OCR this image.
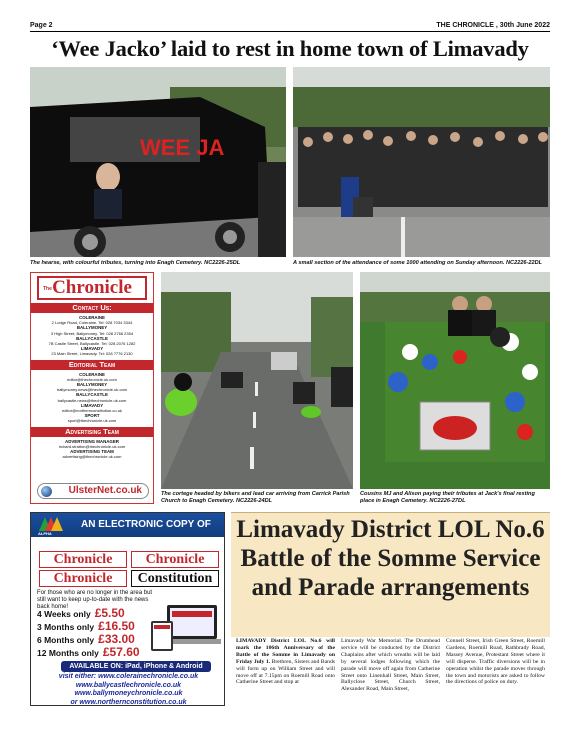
Page 2	THE CHRONICLE , 30th June 2022
‘Wee Jacko’ laid to rest in home town of Limavady
WEE JA
The hearse, with colourful tributes, turning into Enagh Cemetery. NC2226-25DL	A small section of the attendance of some 1000 attending on Sunday afternoon. NC2226-22DL
The Chronicle
Contact Us:
COLERAINE
2 Lodge Road, Coleraine. Tel: 028 7034 3344
BALLYMONEY
3 High Street, Ballymoney. Tel: 028 2766 2354
BALLYCASTLE
7B Castle Street, Ballycastle. Tel: 028 2076 1282
LIMAVADY
23 Main Street, Limavady. Tel: 028 7776 2130
Editorial Team
COLERAINE
editor@thechronicle.uk.com
BALLYMONEY
ballymoney.news@thechronicle.uk.com
BALLYCASTLE
ballycastle.news@thechronicle.uk.com
LIMAVADY
editor@northernconstitution.co.uk
SPORT
sport@thechronicle.uk.com
Advertising Team
ADVERTISING MANAGER
richard.stratton@thechronicle.uk.com
ADVERTISING TEAM
advertising@thechronicle.uk.com
UlsterNet.co.uk	The cortege headed by bikers and lead car arriving from Carrick Parish Church to Enagh Cemetery. NC2226-24DL
Cousins MJ and Alison paying their tributes at Jack's final resting place in Enagh Cemetery. NC2226-27DL
AN ELECTRONIC COPY OF
ALPHA
Chronicle	Chronicle
Chronicle	Constitution
For those who are no longer in the area but still want to keep up-to-date with the news back home!
4 Weeks only £5.50
3 Months only £16.50
6 Months only £33.00
12 Months only £57.60
AVAILABLE ON: iPad, iPhone & Android
visit either: www.colerainechronicle.co.uk
www.ballycastlechronicle.co.uk
www.ballymoneychronicle.co.uk
or www.northernconstitution.co.uk
Limavady District LOL No.6 Battle of the Somme Service and Parade arrangements
LIMAVADY District LOL No.6 will mark the 106th Anniversary of the Battle of the Somme in Limavady on Friday July 1. Brethren, Sisters and Bands will form up on William Street and will move off at 7.15pm on Roemill Road onto Catherine Street and stop at
Limavady War Memorial. The Drumhead service will be conducted by the District Chaplains after which wreaths will be laid by several lodges following which the parade will move off again from Catherine Street onto Linenhall Street, Main Street, Ballyclose Street, Church Street, Alexander Road, Main Street,
Connell Street, Irish Green Street, Roemill Gardens, Roemill Road, Rathbrady Road, Massey Avenue, Protestant Street where it will disperse. Traffic diversions will be in operation whilst the parade moves through the town and motorists are asked to follow the directions of police on duty.
